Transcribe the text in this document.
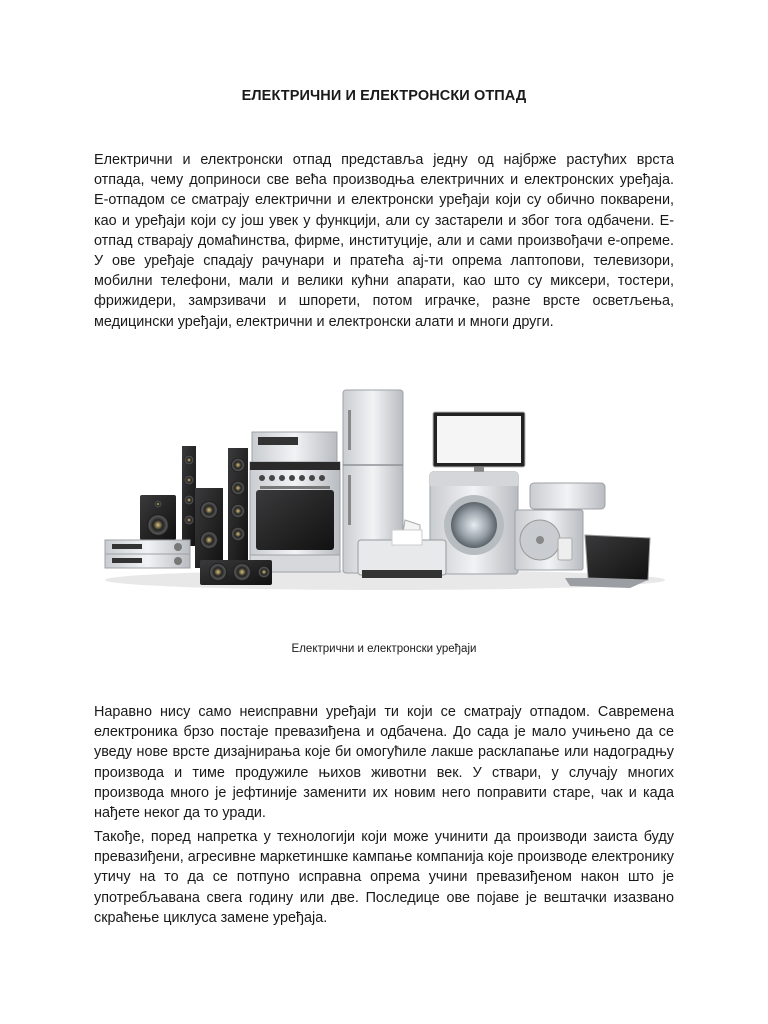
ЕЛЕКТРИЧНИ И ЕЛЕКТРОНСКИ ОТПАД

Електрични и електронски отпад представља једну од најбрже растућих врста отпада, чему доприноси све већа производња електричних и електронских уређаја. Е-отпадом се сматрају електрични и електронски уређаји који су обично покварени, као и уређаји који су још увек у функцији, али су застарели и због тога одбачени. Е-отпад стварају домаћинства, фирме, институције, али и сами произвођачи е-опреме. У ове уређаје спадају рачунари и пратећа ај-ти опрема лаптопови, телевизори, мобилни телефони, мали и велики кућни апарати, као што су миксери, тостери, фрижидери, замрзивачи и шпорети, потом играчке, разне врсте осветљења, медицински уређаји, електрични и електронски алати и многи други.

Електрични и електронски уређаји

Наравно нису само неисправни уређаји ти који се сматрају отпадом. Савремена електроника брзо постаје превазиђена и одбачена. До сада је мало учињено да се уведу нове врсте дизајнирања које би омогућиле лакше расклапање или надоградњу производа и тиме продужиле њихов животни век. У ствари, у случају многих производа много је јефтиније заменити их новим него поправити старе, чак и када нађете неког да то уради.

Такође, поред напретка у технологији који може учинити да производи заиста буду превазиђени, агресивне маркетиншке кампање компанија које производе електронику утичу на то да се потпуно исправна опрема учини превазиђеном након што је употребљавана свега годину или две. Последице ове појаве је вештачки изазвано скраћење циклуса замене уређаја.
